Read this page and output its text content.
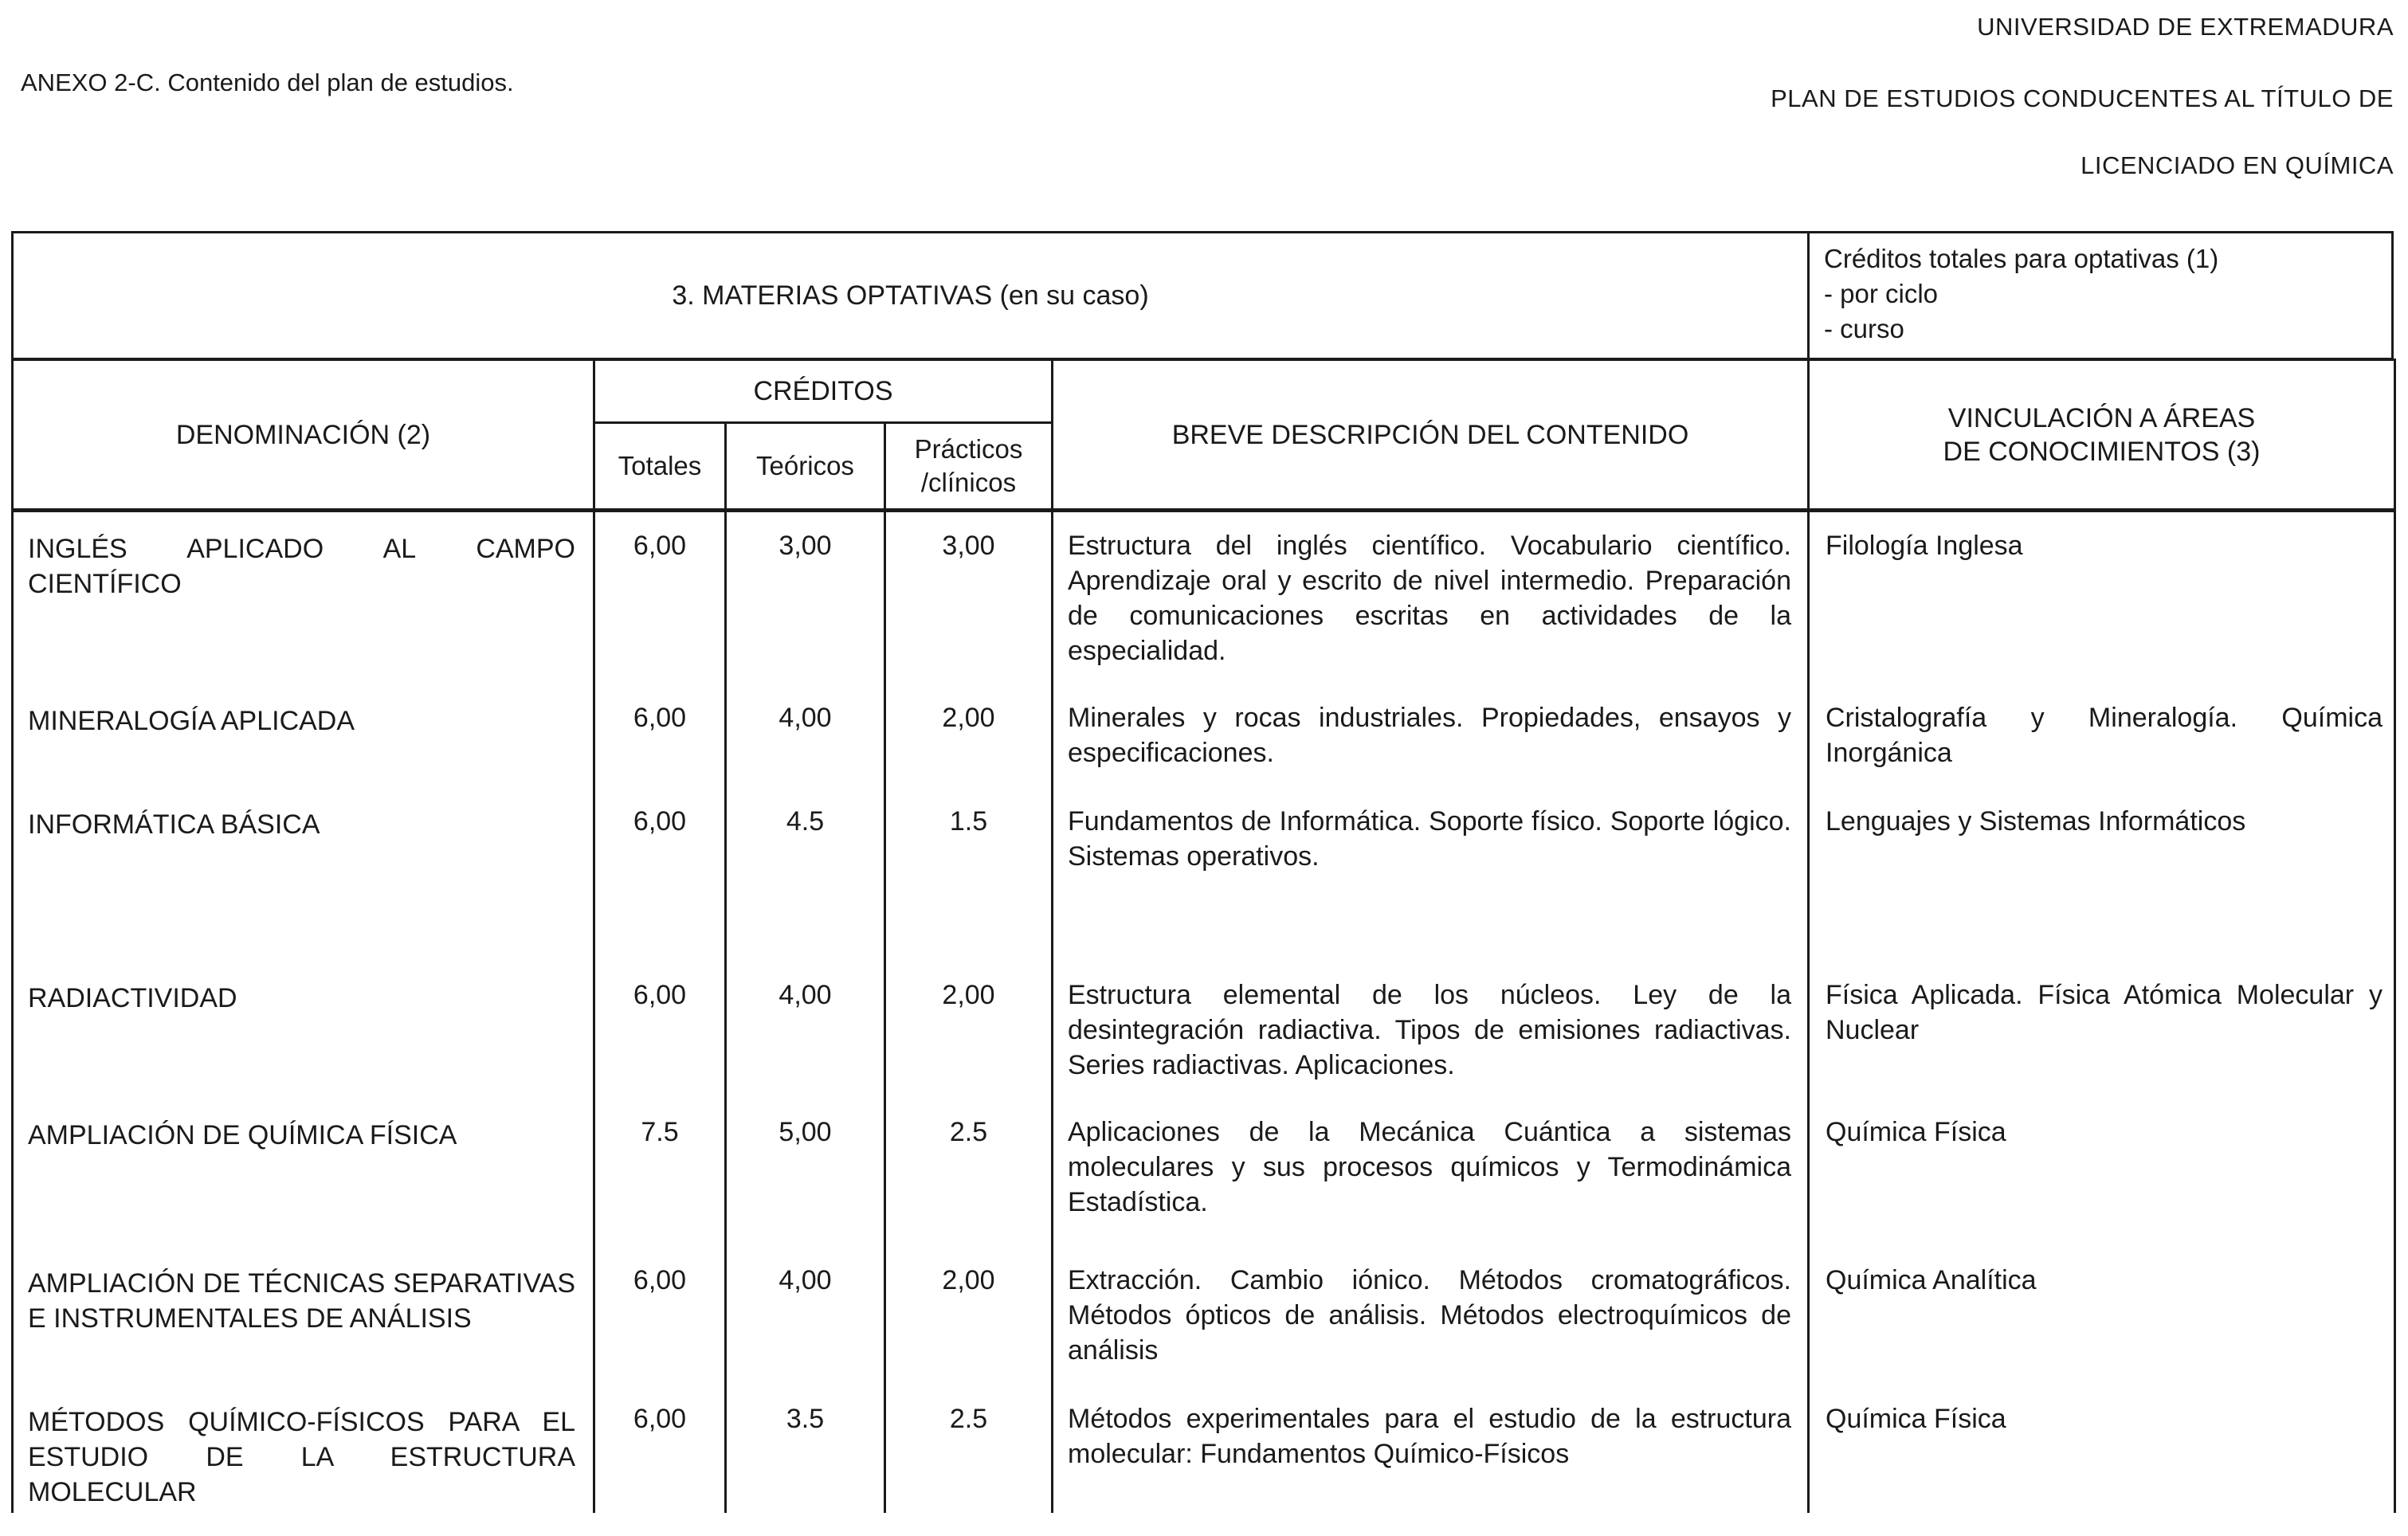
ANEXO 2-C. Contenido del plan de estudios.
UNIVERSIDAD DE EXTREMADURA
PLAN DE ESTUDIOS CONDUCENTES AL TÍTULO DE
LICENCIADO EN QUÍMICA
3. MATERIAS OPTATIVAS (en su caso)
Créditos totales para optativas (1)
- por ciclo
- curso
DENOMINACIÓN (2)	CRÉDITOS			BREVE DESCRIPCIÓN DEL CONTENIDO	VINCULACIÓN A ÁREAS DE CONOCIMIENTOS (3)
	Totales	Teóricos	Prácticos /clínicos		
INGLÉS APLICADO AL CAMPO CIENTÍFICO	6,00	3,00	3,00	Estructura del inglés científico. Vocabulario científico. Aprendizaje oral y escrito de nivel intermedio. Preparación de comunicaciones escritas en actividades de la especialidad.	Filología Inglesa
MINERALOGÍA APLICADA	6,00	4,00	2,00	Minerales y rocas industriales. Propiedades, ensayos y especificaciones.	Cristalografía y Mineralogía. Química Inorgánica
INFORMÁTICA BÁSICA	6,00	4.5	1.5	Fundamentos de Informática. Soporte físico. Soporte lógico. Sistemas operativos.	Lenguajes y Sistemas Informáticos
RADIACTIVIDAD	6,00	4,00	2,00	Estructura elemental de los núcleos. Ley de la desintegración radiactiva. Tipos de emisiones radiactivas. Series radiactivas. Aplicaciones.	Física Aplicada. Física Atómica Molecular y Nuclear
AMPLIACIÓN DE QUÍMICA FÍSICA	7.5	5,00	2.5	Aplicaciones de la Mecánica Cuántica a sistemas moleculares y sus procesos químicos y Termodinámica Estadística.	Química Física
AMPLIACIÓN DE TÉCNICAS SEPARATIVAS E INSTRUMENTALES DE ANÁLISIS	6,00	4,00	2,00	Extracción. Cambio iónico. Métodos cromatográficos. Métodos ópticos de análisis. Métodos electroquímicos de análisis	Química Analítica
MÉTODOS QUÍMICO-FÍSICOS PARA EL ESTUDIO DE LA ESTRUCTURA MOLECULAR	6,00	3.5	2.5	Métodos experimentales para el estudio de la estructura molecular: Fundamentos Químico-Físicos	Química Física
